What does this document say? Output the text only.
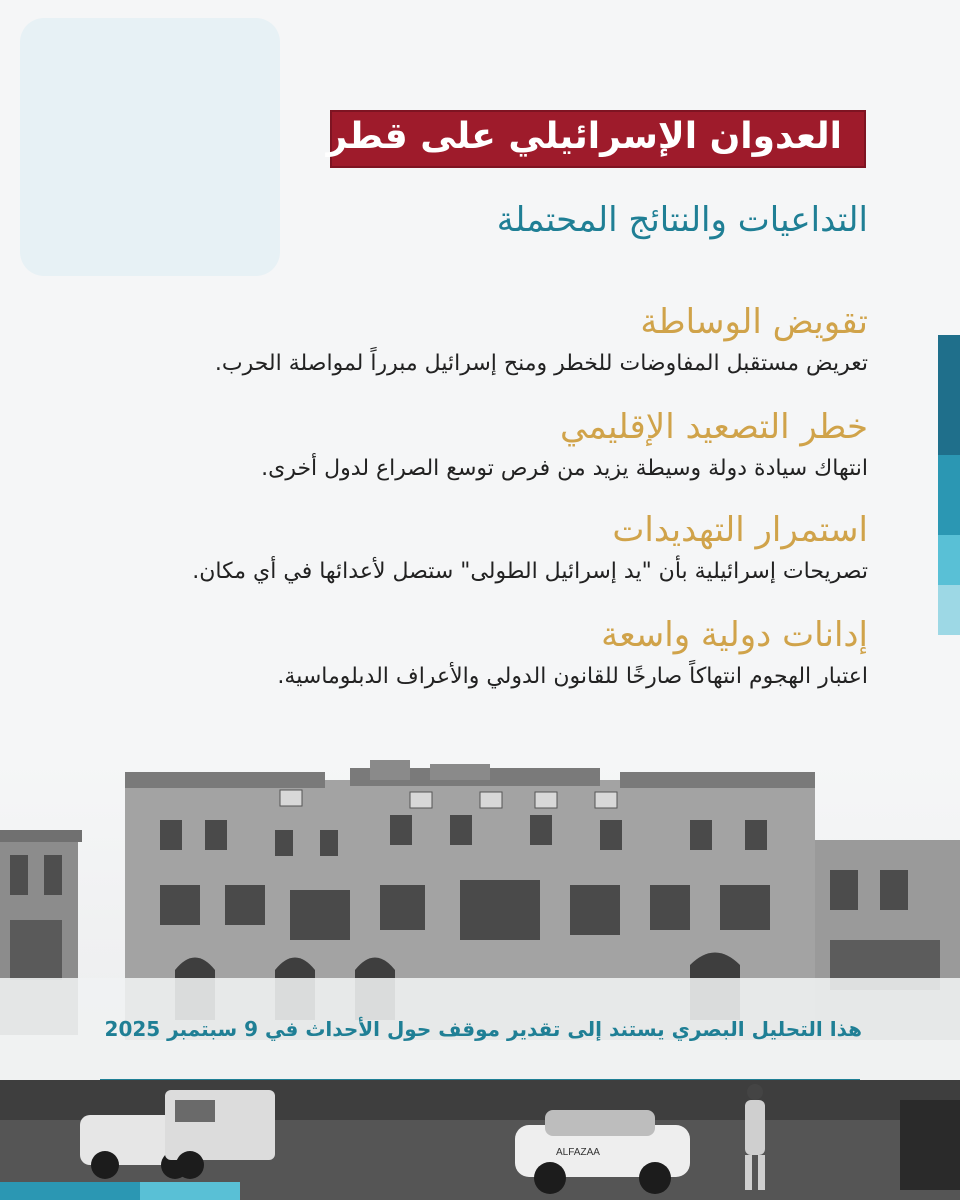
العدوان الإسرائيلي على قطر
التداعيات والنتائج المحتملة
تقويض الوساطة

تعريض مستقبل المفاوضات للخطر ومنح إسرائيل مبرراً لمواصلة الحرب.

خطر التصعيد الإقليمي

انتهاك سيادة دولة وسيطة يزيد من فرص توسع الصراع لدول أخرى.

استمرار التهديدات

تصريحات إسرائيلية بأن "يد إسرائيل الطولى" ستصل لأعدائها في أي مكان.

إدانات دولية واسعة

اعتبار الهجوم انتهاكاً صارخًا للقانون الدولي والأعراف الدبلوماسية.

ALFAZAA
هذا التحليل البصري يستند إلى تقدير موقف حول الأحداث في 9 سبتمبر 2025
